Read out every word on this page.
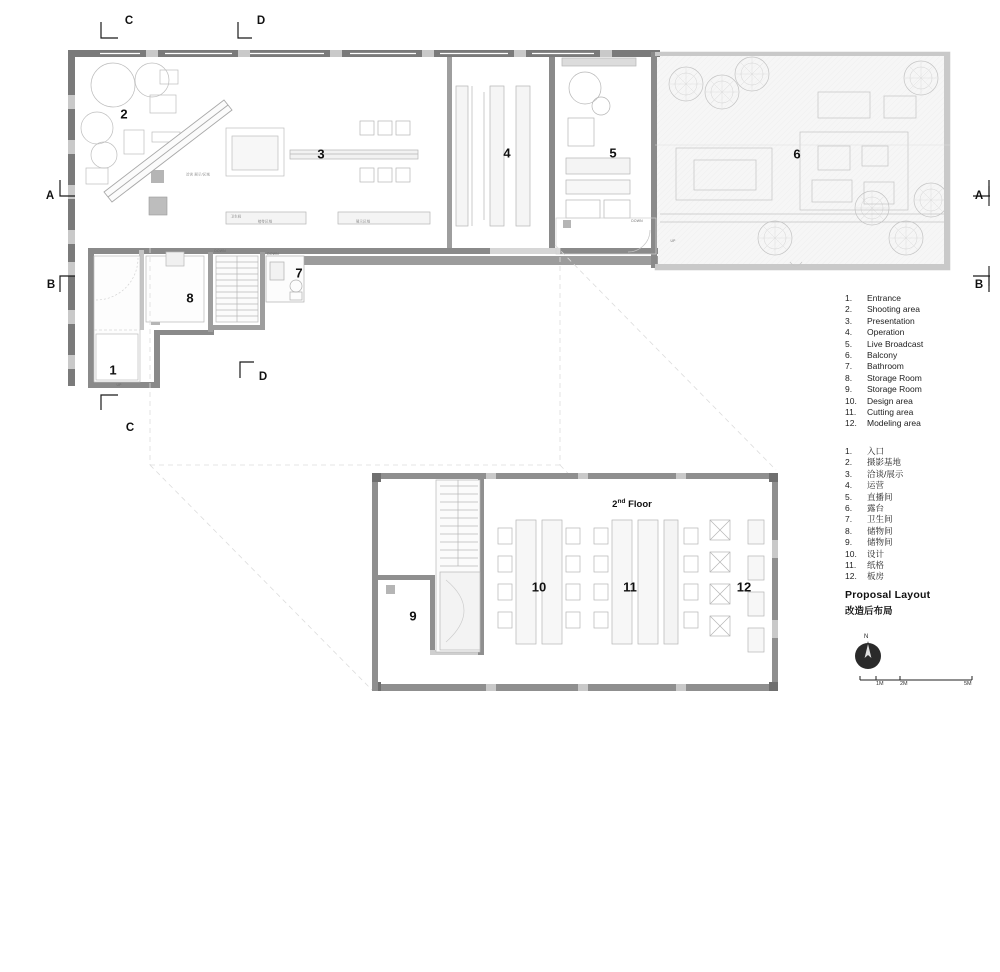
1
2
3	4	5	6
7
8
9
10	11	12
A	A
B	B
C
C
D
D
DOWN
DOWN
DOWN
UP
UP
卫生间
洽谈 展示/区域
接待区域	展示区域
2nd Floor
1.	Entrance
2.	Shooting area
3.	Presentation
4.	Operation
5.	Live Broadcast
6.	Balcony
7.	Bathroom
8.	Storage Room
9.	Storage Room
10.	Design area
11.	Cutting area
12.	Modeling area
1.	入口
2.	摄影基地
3.	洽谈/展示
4.	运营
5.	直播间
6.	露台
7.	卫生间
8.	储物间
9.	储物间
10.	设计
11.	纸格
12.	板房
Proposal Layout
改造后布局
N
1M	2M	5M
